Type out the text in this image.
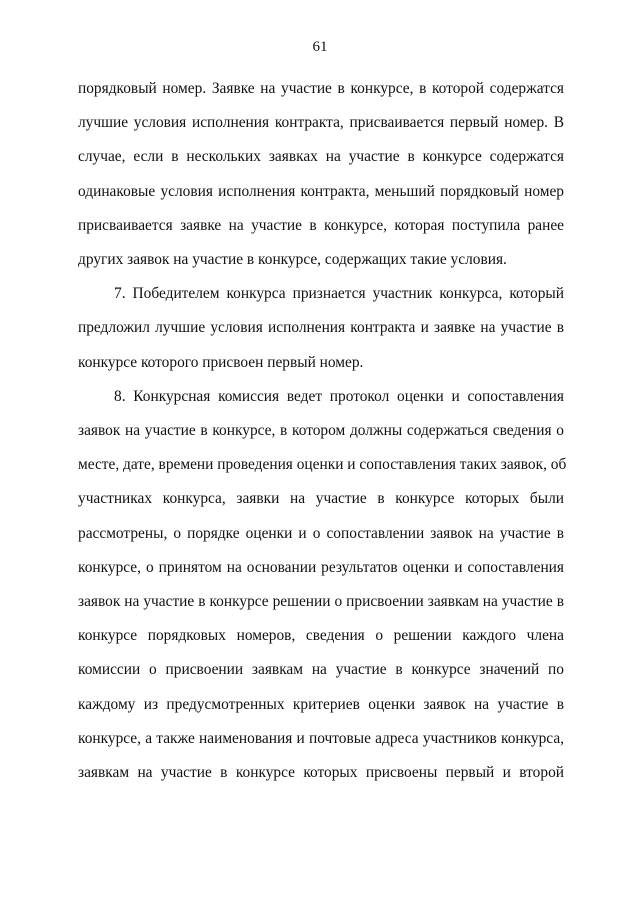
61

порядковый номер. Заявке на участие в конкурсе, в которой содержатся
лучшие условия исполнения контракта, присваивается первый номер. В
случае, если в нескольких заявках на участие в конкурсе содержатся
одинаковые условия исполнения контракта, меньший порядковый номер
присваивается заявке на участие в конкурсе, которая поступила ранее
других заявок на участие в конкурсе, содержащих такие условия.

7. Победителем конкурса признается участник конкурса, который
предложил лучшие условия исполнения контракта и заявке на участие в
конкурсе которого присвоен первый номер.

8. Конкурсная комиссия ведет протокол оценки и сопоставления
заявок на участие в конкурсе, в котором должны содержаться сведения о
месте, дате, времени проведения оценки и сопоставления таких заявок, об
участниках конкурса, заявки на участие в конкурсе которых были
рассмотрены, о порядке оценки и о сопоставлении заявок на участие в
конкурсе, о принятом на основании результатов оценки и сопоставления
заявок на участие в конкурсе решении о присвоении заявкам на участие в
конкурсе порядковых номеров, сведения о решении каждого члена
комиссии о присвоении заявкам на участие в конкурсе значений по
каждому из предусмотренных критериев оценки заявок на участие в
конкурсе, а также наименования и почтовые адреса участников конкурса,
заявкам на участие в конкурсе которых присвоены первый и второй
